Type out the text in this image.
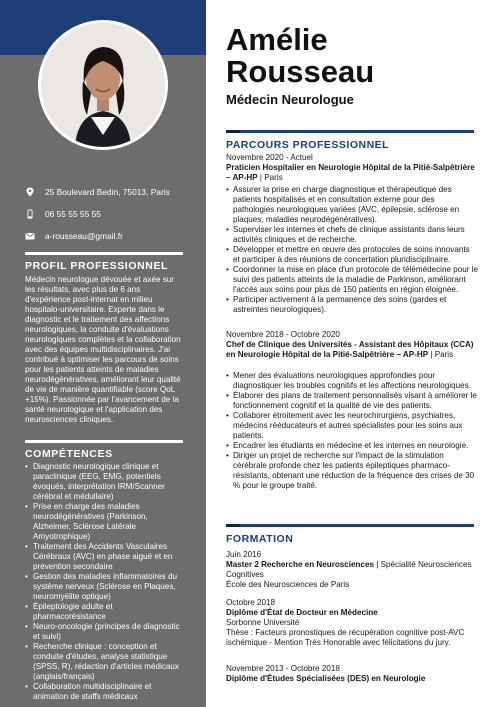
25 Boulevard Bedin, 75013, Paris
06 55 55 55 55
a-rousseau@gmail.fr
PROFIL PROFESSIONNEL
Médecin neurologue dévouée et axée sur les résultats, avec plus de 6 ans d'expérience post-internat en milieu hospitalo-universitaire. Experte dans le diagnostic et le traitement des affections neurologiques, la conduite d'évaluations neurologiques complètes et la collaboration avec des équipes multidisciplinaires. J'ai contribué à optimiser les parcours de soins pour les patients atteints de maladies neurodégénératives, améliorant leur qualité de vie de manière quantifiable (score QoL +15%). Passionnée par l'avancement de la santé neurologique et l'application des neurosciences cliniques.
COMPÉTENCES
• Diagnostic neurologique clinique et paraclinique (EEG, EMG, potentiels évoqués, interprétation IRM/Scanner cérébral et médullaire)
• Prise en charge des maladies neurodégénératives (Parkinson, Alzheimer, Sclérose Latérale Amyotrophique)
• Traitement des Accidents Vasculaires Cérébraux (AVC) en phase aiguë et en prévention secondaire
• Gestion des maladies inflammatoires du système nerveux (Sclérose en Plaques, neuromyélite optique)
• Épileptologie adulte et pharmacorésistance
• Neuro-oncologie (principes de diagnostic et suivi)
• Recherche clinique : conception et conduite d'études, analyse statistique (SPSS, R), rédaction d'articles médicaux (anglais/français)
• Collaboration multidisciplinaire et animation de staffs médicaux
Amélie
Rousseau
Médecin Neurologue
PARCOURS PROFESSIONNEL
Novembre 2020 - Actuel
Praticien Hospitalier en Neurologie Hôpital de la Pitié-Salpêtrière – AP-HP | Paris
• Assurer la prise en charge diagnostique et thérapeutique des patients hospitalisés et en consultation externe pour des pathologies neurologiques variées (AVC, épilepsie, sclérose en plaques, maladies neurodégénératives).
• Superviser les internes et chefs de clinique assistants dans leurs activités cliniques et de recherche.
• Développer et mettre en œuvre des protocoles de soins innovants et participer à des réunions de concertation pluridisciplinaire.
• Coordonner la mise en place d'un protocole de télémédecine pour le suivi des patients atteints de la maladie de Parkinson, améliorant l'accès aux soins pour plus de 150 patients en région éloignée.
• Participer activement à la permanence des soins (gardes et astreintes neurologiques).
Novembre 2018 - Octobre 2020
Chef de Clinique des Universités - Assistant des Hôpitaux (CCA) en Neurologie Hôpital de la Pitié-Salpêtrière – AP-HP | Paris
• Mener des évaluations neurologiques approfondies pour diagnostiquer les troubles cognitifs et les affections neurologiques.
• Élaborer des plans de traitement personnalisés visant à améliorer le fonctionnement cognitif et la qualité de vie des patients.
• Collaborer étroitement avec les neurochirurgiens, psychiatres, médecins rééducateurs et autres spécialistes pour les soins aux patients.
• Encadrer les étudiants en médecine et les internes en neurologie.
• Diriger un projet de recherche sur l'impact de la stimulation cérébrale profonde chez les patients épileptiques pharmaco-résistants, obtenant une réduction de la fréquence des crises de 30 % pour le groupe traité.
FORMATION
Juin 2016
Master 2 Recherche en Neurosciences | Spécialité Neurosciences Cognitives
École des Neurosciences de Paris
Octobre 2018
Diplôme d'État de Docteur en Médecine
Sorbonne Université
Thèse : Facteurs pronostiques de récupération cognitive post-AVC ischémique - Mention Très Honorable avec félicitations du jury.
Novembre 2013 - Octobre 2018
Diplôme d'Études Spécialisées (DES) en Neurologie
